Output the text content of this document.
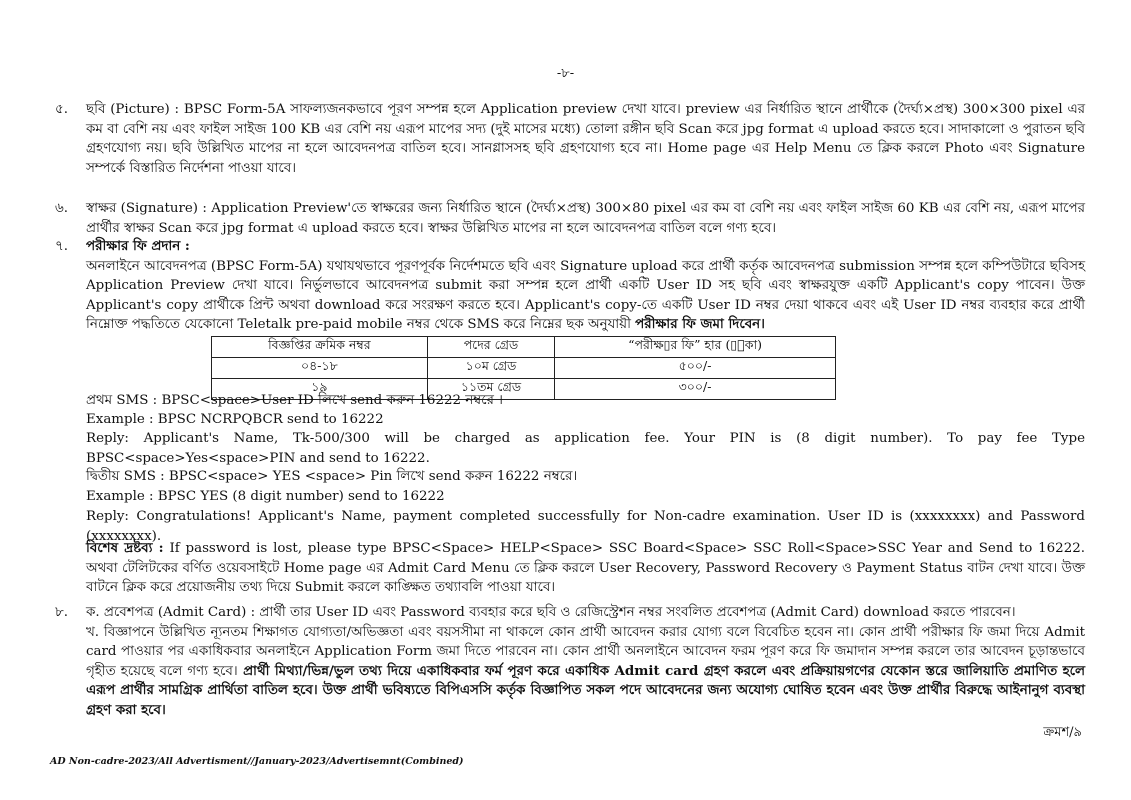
-৮-
৫.	ছবি (Picture) : BPSC Form-5A সাফল্যজনকভাবে পূরণ সম্পন্ন হলে Application preview দেখা যাবে। preview এর নির্ধারিত স্থানে প্রার্থীকে (দৈর্ঘ্য×প্রস্থ) 300×300 pixel এর কম বা বেশি নয় এবং ফাইল সাইজ 100 KB এর বেশি নয় এরূপ মাপের সদ্য (দুই মাসের মধ্যে) তোলা রঙ্গীন ছবি Scan করে jpg format এ upload করতে হবে। সাদাকালো ও পুরাতন ছবি গ্রহণযোগ্য নয়। ছবি উল্লিখিত মাপের না হলে আবেদনপত্র বাতিল হবে। সানগ্লাসসহ ছবি গ্রহণযোগ্য হবে না। Home page এর Help Menu তে ক্লিক করলে Photo এবং Signature সম্পর্কে বিস্তারিত নির্দেশনা পাওয়া যাবে।
৬.	স্বাক্ষর (Signature) : Application Preview'তে স্বাক্ষরের জন্য নির্ধারিত স্থানে (দৈর্ঘ্য×প্রস্থ) 300×80 pixel এর কম বা বেশি নয় এবং ফাইল সাইজ 60 KB এর বেশি নয়, এরূপ মাপের প্রার্থীর স্বাক্ষর Scan করে jpg format এ upload করতে হবে। স্বাক্ষর উল্লিখিত মাপের না হলে আবেদনপত্র বাতিল বলে গণ্য হবে।
৭.	পরীক্ষার ফি প্রদান :
অনলাইনে আবেদনপত্র (BPSC Form-5A) যথাযথভাবে পূরণপূর্বক নির্দেশমতে ছবি এবং Signature upload করে প্রার্থী কর্তৃক আবেদনপত্র submission সম্পন্ন হলে কম্পিউটারে ছবিসহ Application Preview দেখা যাবে। নির্ভুলভাবে আবেদনপত্র submit করা সম্পন্ন হলে প্রার্থী একটি User ID সহ ছবি এবং স্বাক্ষরযুক্ত একটি Applicant's copy পাবেন। উক্ত Applicant's copy প্রার্থীকে প্রিন্ট অথবা download করে সংরক্ষণ করতে হবে। Applicant's copy-তে একটি User ID নম্বর দেয়া থাকবে এবং এই User ID নম্বর ব্যবহার করে প্রার্থী নিম্নোক্ত পদ্ধতিতে যেকোনো Teletalk pre-paid mobile নম্বর থেকে SMS করে নিম্নের ছক অনুযায়ী পরীক্ষার ফি জমা দিবেন।
বিজ্ঞপ্তির ক্রমিক নম্বর	পদের গ্রেড	“পরীক্ষ▯র ফি” হার (▯াকা)
০৪-১৮	১০ম গ্রেড	৫০০/-
১৯	১১তম গ্রেড	৩০০/-
প্রথম SMS : BPSC<space>User ID লিখে send করুন 16222 নম্বরে ।
Example : BPSC NCRPQBCR send to 16222
Reply: Applicant's Name, Tk-500/300 will be charged as application fee. Your PIN is (8 digit number). To pay fee Type BPSC<space>Yes<space>PIN and send to 16222.
দ্বিতীয় SMS : BPSC<space> YES <space> Pin লিখে send করুন 16222 নম্বরে।
Example : BPSC YES (8 digit number) send to 16222
Reply: Congratulations! Applicant's Name, payment completed successfully for Non-cadre examination. User ID is (xxxxxxxx) and Password (xxxxxxxx).
বিশেষ দ্রষ্টব্য : If password is lost, please type BPSC<Space> HELP<Space> SSC Board<Space> SSC Roll<Space>SSC Year and Send to 16222. অথবা টেলিটকের বর্ণিত ওয়েবসাইটে Home page এর Admit Card Menu তে ক্লিক করলে User Recovery, Password Recovery ও Payment Status বাটন দেখা যাবে। উক্ত বাটনে ক্লিক করে প্রয়োজনীয় তথ্য দিয়ে Submit করলে কাঙ্ক্ষিত তথ্যাবলি পাওয়া যাবে।
৮.	ক. প্রবেশপত্র (Admit Card) : প্রার্থী তার User ID এবং Password ব্যবহার করে ছবি ও রেজিস্ট্রেশন নম্বর সংবলিত প্রবেশপত্র (Admit Card) download করতে পারবেন।
খ. বিজ্ঞাপনে উল্লিখিত ন্যূনতম শিক্ষাগত যোগ্যতা/অভিজ্ঞতা এবং বয়সসীমা না থাকলে কোন প্রার্থী আবেদন করার যোগ্য বলে বিবেচিত হবেন না। কোন প্রার্থী পরীক্ষার ফি জমা দিয়ে Admit card পাওয়ার পর একাধিকবার অনলাইনে Application Form জমা দিতে পারবেন না। কোন প্রার্থী অনলাইনে আবেদন ফরম পূরণ করে ফি জমাদান সম্পন্ন করলে তার আবেদন চূড়ান্তভাবে গৃহীত হয়েছে বলে গণ্য হবে। প্রার্থী মিথ্যা/ভিন্ন/ভুল তথ্য দিয়ে একাধিকবার ফর্ম পূরণ করে একাধিক Admit card গ্রহণ করলে এবং প্রক্রিয়ায়গণের যেকোন স্তরে জালিয়াতি প্রমাণিত হলে এরূপ প্রার্থীর সামগ্রিক প্রার্থিতা বাতিল হবে। উক্ত প্রার্থী ভবিষ্যতে বিপিএসসি কর্তৃক বিজ্ঞাপিত সকল পদে আবেদনের জন্য অযোগ্য ঘোষিত হবেন এবং উক্ত প্রার্থীর বিরুদ্ধে আইনানুগ ব্যবস্থা গ্রহণ করা হবে।
ক্রমশ/৯
AD Non-cadre-2023/All Advertisment//January-2023/Advertisemnt(Combined)
